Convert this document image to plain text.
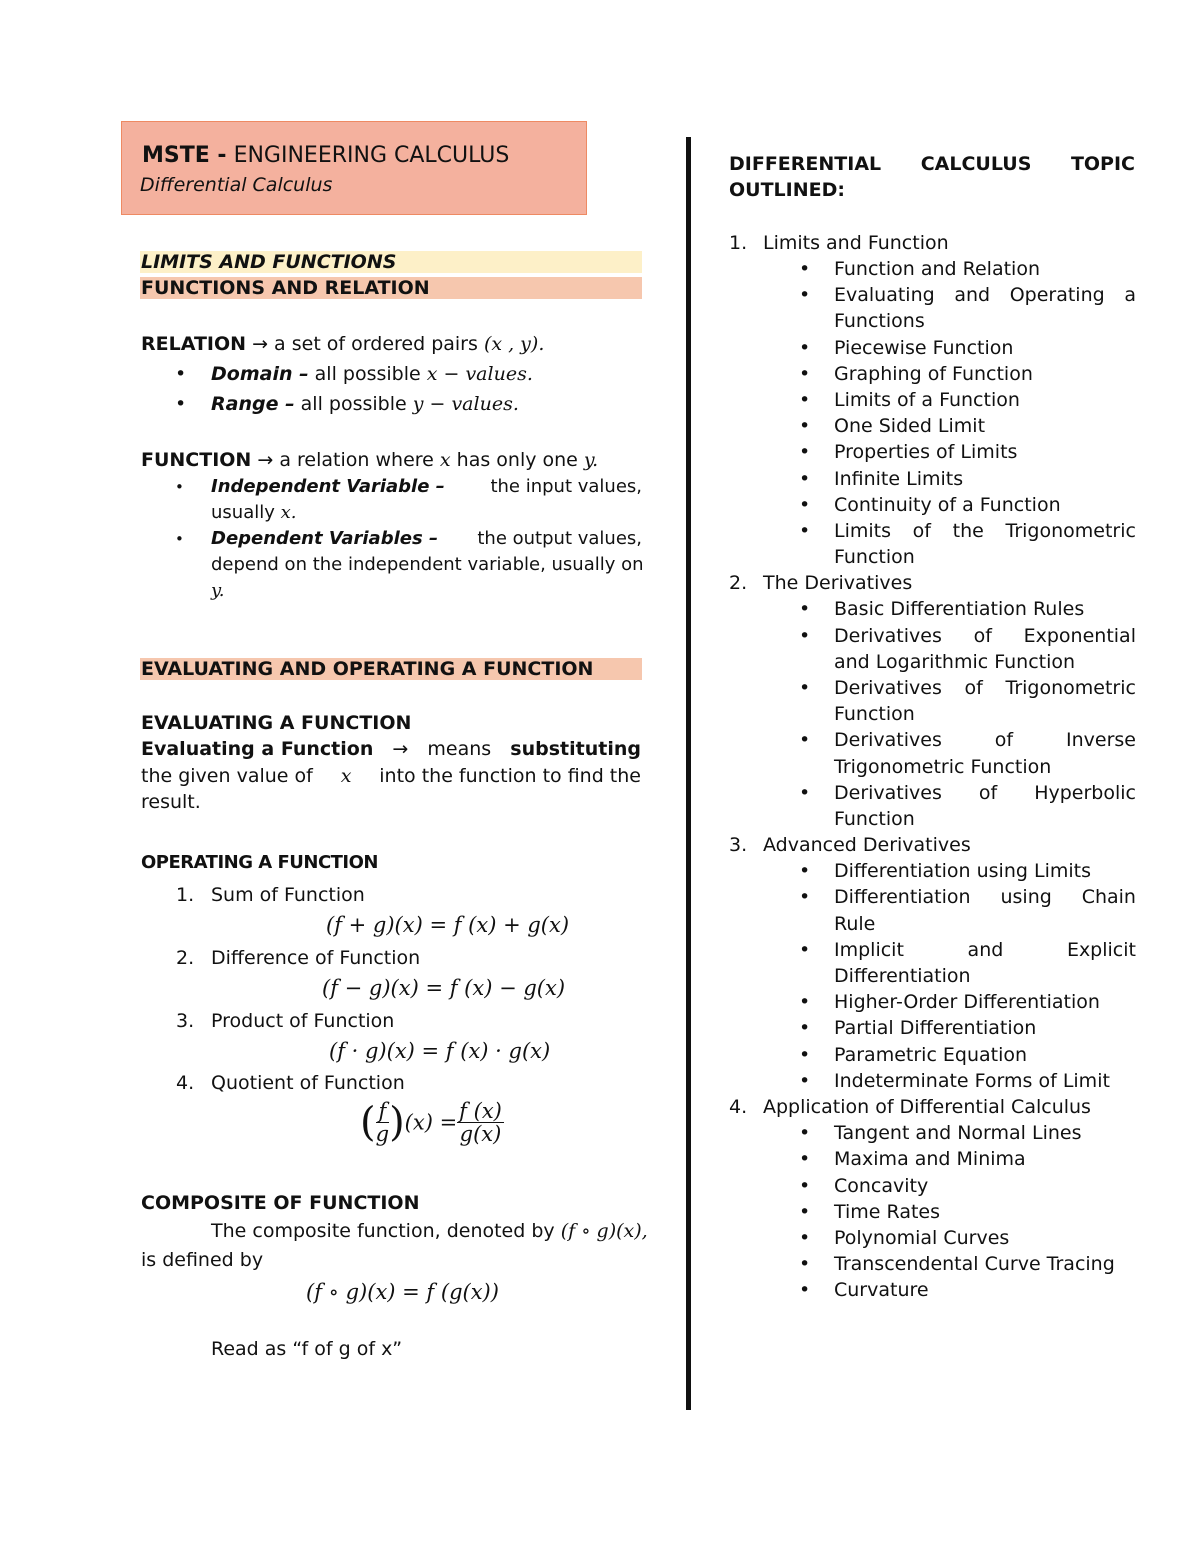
MSTE - ENGINEERING CALCULUS
Differential Calculus
LIMITS AND FUNCTIONS
FUNCTIONS AND RELATION
RELATION → a set of ordered pairs (x , y).
• Domain – all possible x − values.
• Range – all possible y − values.
FUNCTION → a relation where x has only one y.
• Independent Variable –	the input values,
usually x.
• Dependent Variables – the output values,
depend on the independent variable, usually on
y.
EVALUATING AND OPERATING A FUNCTION
EVALUATING A FUNCTION
Evaluating a Function → means substituting
the given value of x into the function to find the
result.
OPERATING A FUNCTION
1. Sum of Function
(f + g)(x) = f (x) + g(x)
2. Difference of Function
(f − g)(x) = f (x) − g(x)
3. Product of Function
(f · g)(x) = f (x) · g(x)
4. Quotient of Function
( $\frac{f}{g} )(x) = \frac{f (x)}{g(x)}$
COMPOSITE OF FUNCTION
The composite function, denoted by (f ∘ g)(x),
is defined by
(f ∘ g)(x) = f (g(x))
Read as “f of g of x”
DIFFERENTIAL CALCULUS TOPIC
OUTLINED:
1. Limits and Function
• Function and Relation
• Evaluating and Operating a
Functions
• Piecewise Function
• Graphing of Function
• Limits of a Function
• One Sided Limit
• Properties of Limits
• Infinite Limits
• Continuity of a Function
• Limits of the Trigonometric
Function
2. The Derivatives
• Basic Differentiation Rules
• Derivatives of Exponential
and Logarithmic Function
• Derivatives of Trigonometric
Function
• Derivatives	of	Inverse
Trigonometric Function
• Derivatives of Hyperbolic
Function
3. Advanced Derivatives
• Differentiation using Limits
• Differentiation using Chain
Rule
• Implicit	and	Explicit
Differentiation
• Higher-Order Differentiation
• Partial Differentiation
• Parametric Equation
• Indeterminate Forms of Limit
4. Application of Differential Calculus
• Tangent and Normal Lines
• Maxima and Minima
• Concavity
• Time Rates
• Polynomial Curves
• Transcendental Curve Tracing
• Curvature
